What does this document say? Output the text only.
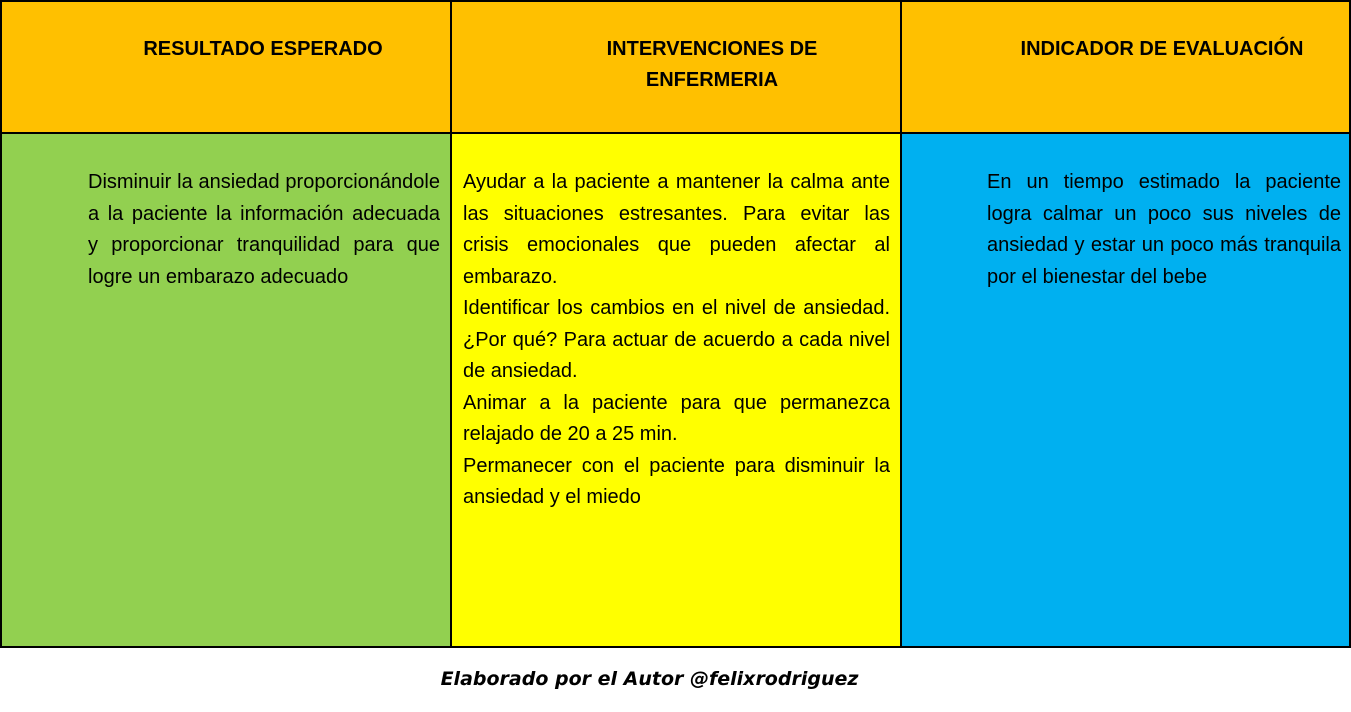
RESULTADO ESPERADO	INTERVENCIONES DE ENFERMERIA
INDICADOR DE EVALUACIÓN
Disminuir la ansiedad proporcionándole a la paciente la información adecuada y proporcionar tranquilidad para que logre un embarazo adecuado

Ayudar a la paciente a mantener la calma ante las situaciones estresantes. Para evitar las crisis emocionales que pueden afectar al embarazo.

Identificar los cambios en el nivel de ansiedad. ¿Por qué? Para actuar de acuerdo a cada nivel de ansiedad.

Animar a la paciente para que permanezca relajado de 20 a 25 min.

Permanecer con el paciente para disminuir la ansiedad y el miedo

En un tiempo estimado la paciente logra calmar un poco sus niveles de ansiedad y estar un poco más tranquila por el bienestar del bebe
Elaborado por el Autor @felixrodriguez
